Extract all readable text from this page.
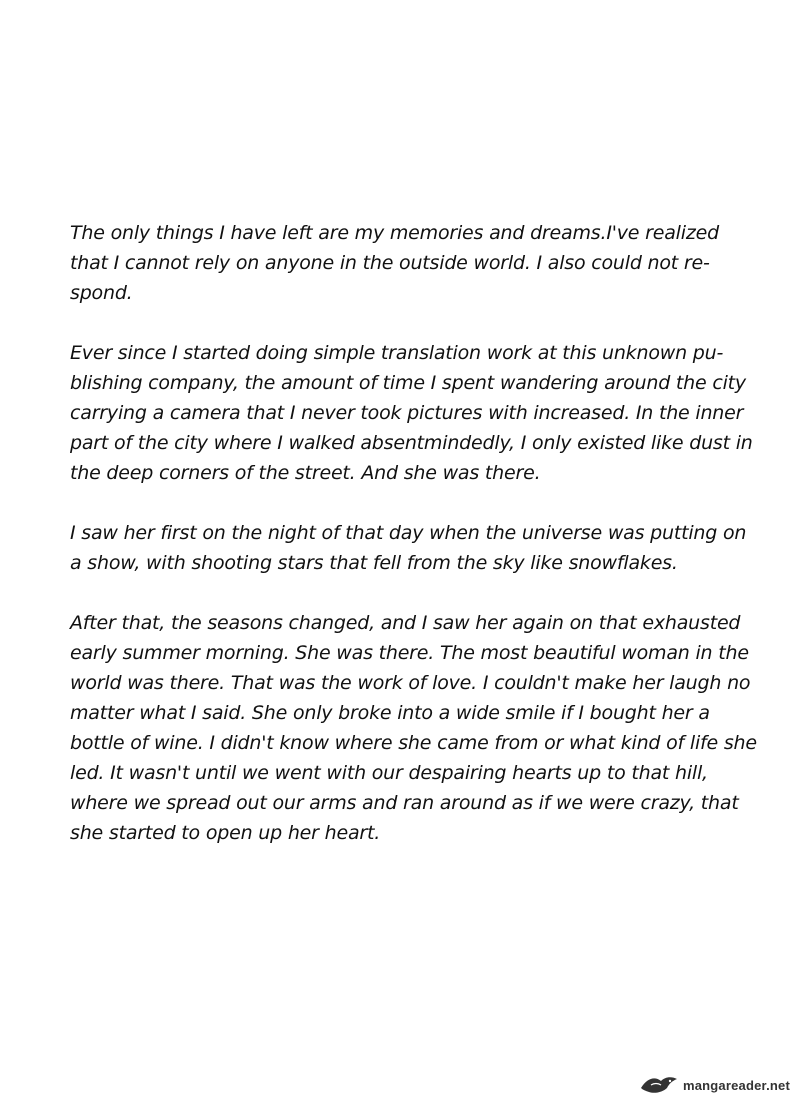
The only things I have left are my memories and dreams.I've realized
that I cannot rely on anyone in the outside world. I also could not re-
spond.

Ever since I started doing simple translation work at this unknown pu-
blishing company, the amount of time I spent wandering around the city
carrying a camera that I never took pictures with increased. In the inner
part of the city where I walked absentmindedly, I only existed like dust in
the deep corners of the street. And she was there.

I saw her first on the night of that day when the universe was putting on
a show, with shooting stars that fell from the sky like snowflakes.

After that, the seasons changed, and I saw her again on that exhausted
early summer morning. She was there. The most beautiful woman in the
world was there. That was the work of love. I couldn't make her laugh no
matter what I said. She only broke into a wide smile if I bought her a
bottle of wine. I didn't know where she came from or what kind of life she
led. It wasn't until we went with our despairing hearts up to that hill,
where we spread out our arms and ran around as if we were crazy, that
she started to open up her heart.

mangareader.net
